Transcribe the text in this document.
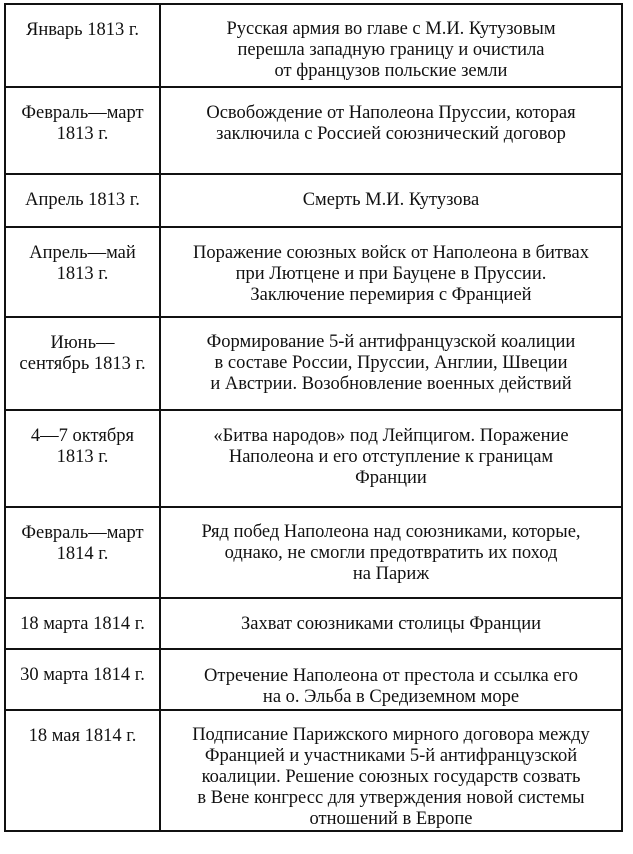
Январь 1813 г.	Русская армия во главе с М.И. Кутузовым
перешла западную границу и очистила
от французов польские земли

Февраль—март
1813 г.	Освобождение от Наполеона Пруссии, которая
заключила с Россией союзнический договор

Апрель 1813 г.	Смерть М.И. Кутузова

Апрель—май
1813 г.	Поражение союзных войск от Наполеона в битвах
при Лютцене и при Бауцене в Пруссии.
Заключение перемирия с Францией

Июнь—
сентябрь 1813 г.	Формирование 5-й антифранцузской коалиции
в составе России, Пруссии, Англии, Швеции
и Австрии. Возобновление военных действий

4—7 октября
1813 г.	«Битва народов» под Лейпцигом. Поражение
Наполеона и его отступление к границам
Франции

Февраль—март
1814 г.	Ряд побед Наполеона над союзниками, которые,
однако, не смогли предотвратить их поход
на Париж

18 марта 1814 г.	Захват союзниками столицы Франции

30 марта 1814 г.	Отречение Наполеона от престола и ссылка его
на о. Эльба в Средиземном море

18 мая 1814 г.	Подписание Парижского мирного договора между
Францией и участниками 5-й антифранцузской
коалиции. Решение союзных государств созвать
в Вене конгресс для утверждения новой системы
отношений в Европе
